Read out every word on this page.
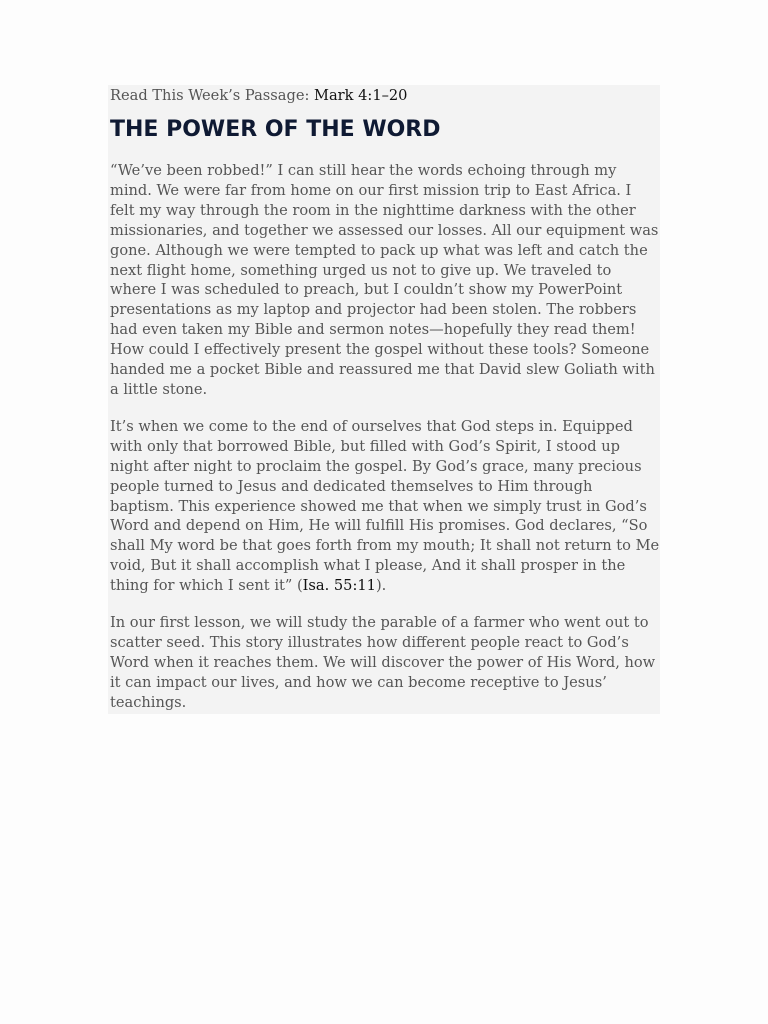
Read This Week’s Passage: Mark 4:1–20

THE POWER OF THE WORD

“We’ve been robbed!” I can still hear the words echoing through my mind. We were far from home on our first mission trip to East Africa. I felt my way through the room in the nighttime darkness with the other missionaries, and together we assessed our losses. All our equipment was gone. Although we were tempted to pack up what was left and catch the next flight home, something urged us not to give up. We traveled to where I was scheduled to preach, but I couldn’t show my PowerPoint presentations as my laptop and projector had been stolen. The robbers had even taken my Bible and sermon notes—hopefully they read them! How could I effectively present the gospel without these tools? Someone handed me a pocket Bible and reassured me that David slew Goliath with a little stone.

It’s when we come to the end of ourselves that God steps in. Equipped with only that borrowed Bible, but filled with God’s Spirit, I stood up night after night to proclaim the gospel. By God’s grace, many precious people turned to Jesus and dedicated themselves to Him through baptism. This experience showed me that when we simply trust in God’s Word and depend on Him, He will fulfill His promises. God declares, “So shall My word be that goes forth from my mouth; It shall not return to Me void, But it shall accomplish what I please, And it shall prosper in the thing for which I sent it” (Isa. 55:11).

In our first lesson, we will study the parable of a farmer who went out to scatter seed. This story illustrates how different people react to God’s Word when it reaches them. We will discover the power of His Word, how it can impact our lives, and how we can become receptive to Jesus’ teachings.
